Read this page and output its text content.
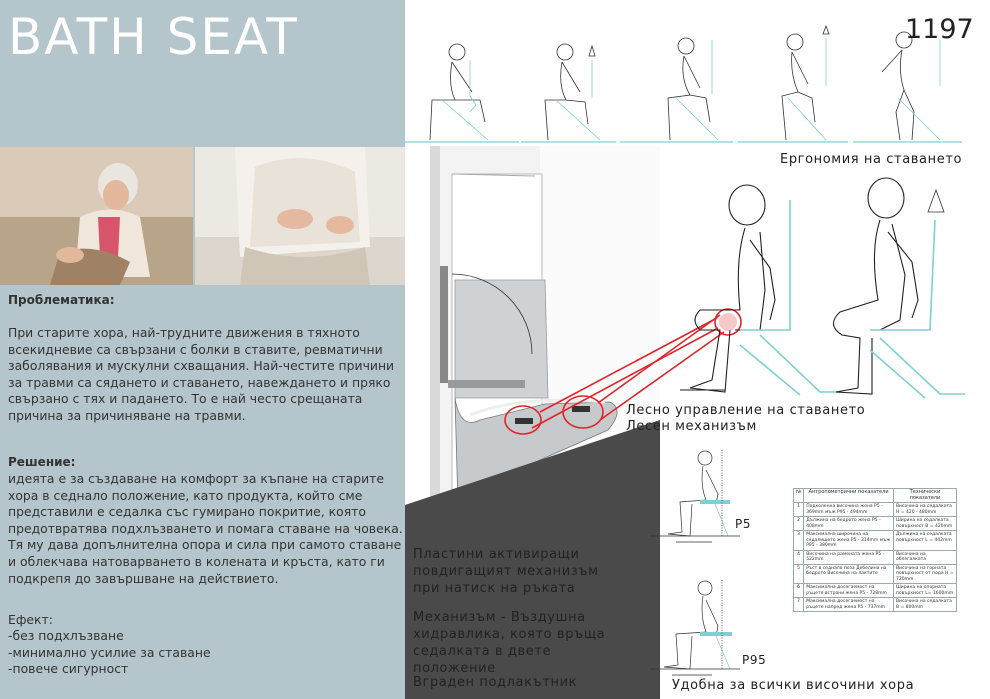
BATH SEAT
Проблематика:
При старите хора, най-трудните движения в тяхното всекидневие са свързани с болки в ставите, ревматични заболявания и мускулни схващания. Най-честите причини за травми са сядането и ставането, навеждането и пряко свързано с тях и падането. То е най често срещаната причина за причиняване на травми.
Решение:
идеята е за създаване на комфорт за къпане на старите хора в седнало положение, като продукта, който сме представили е седалка със гумирано покритие, която предотвратява подхлъзването и помага ставане на човека. Тя му дава допълнителна опора и сила при самото ставане и облекчава натоварването в колената и кръста, като ги подкрепя до завършване на действието.
Ефект:
-без подхлъзване
-минимално усилие за ставане
-повече сигурност
1197
Ергономия на ставането
Лесно управление на ставането
Лесен механизъм
Пластини активиращи повдигащият механизъм при натиск на ръката
Механизъм - Въздушна хидравлика, която връща седалката в двете положение
Вграден подлакътник	Удобна за всички височини хора
P5
P95
№	Антропометрични показатели	Технически показатели
1	Подколенна височина жена Р5 - 369mm мъж Р95 - 494mm	Височина на седалката H = 420 - 480mm
2	Дължина на бедрото жена Р5 - 408mm	Ширина на седалката повърхност B = 420mm
3	Максимална широчина на седалището жена Р5 - 314mm мъж Р95 - 380mm	Дължина на седалката повърхност L = 442mm
4	Височина на рамената жена Р5 - 522mm	Височина на облегалката
5	Ръст в седнало поза Дебелина на бедрото Височина на лактите	Височина на горната повърхност от пода H = 720mm
6	Максимална досегаемост на ръцете встрани жена Р5 - 728mm	Ширина на опорната повърхност L= 1600mm
7	Максимална досегаемост на ръцете напред жена Р5 - 737mm	Височина на седалката B = 800mm
